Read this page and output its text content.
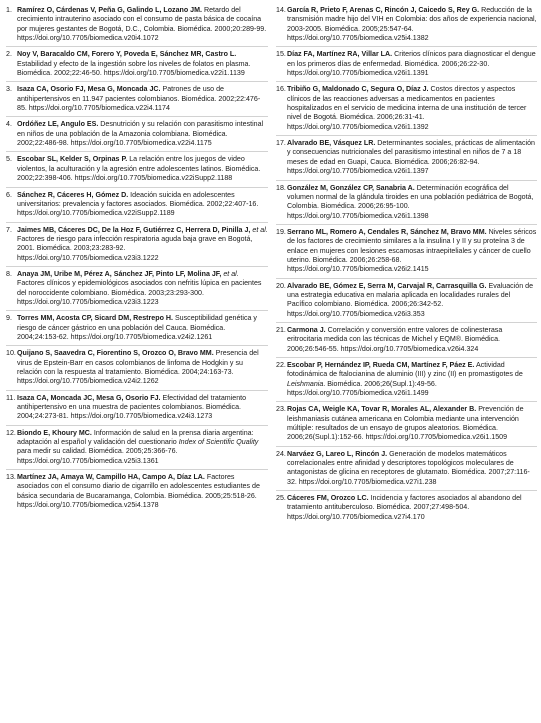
1. Ramírez O, Cárdenas V, Peña G, Galindo L, Lozano JM. Retardo del crecimiento intrauterino asociado con el consumo de pasta básica de cocaína por mujeres gestantes de Bogotá, D.C., Colombia. Biomédica. 2000;20:289-99. https://doi.org/10.7705/biomedica.v20i4.1072
2. Noy V, Baracaldo CM, Forero Y, Poveda E, Sánchez MR, Castro L. Estabilidad y efecto de la ingestión sobre los niveles de folatos en plasma. Biomédica. 2002;22:46-50. https://doi.org/10.7705/biomedica.v22i1.1139
3. Isaza CA, Osorio FJ, Mesa G, Moncada JC. Patrones de uso de antihipertensivos en 11.947 pacientes colombianos. Biomédica. 2002;22:476-85. https://doi.org/10.7705/biomedica.v22i4.1174
4. Ordóñez LE, Angulo ES. Desnutrición y su relación con parasitismo intestinal en niños de una población de la Amazonia colombiana. Biomédica. 2002;22:486-98. https://doi.org/10.7705/biomedica.v22i4.1175
5. Escobar SL, Kelder S, Orpinas P. La relación entre los juegos de video violentos, la aculturación y la agresión entre adolescentes latinos. Biomédica. 2002;22:398-406. https://doi.org/10.7705/biomedica.v22iSupp2.1188
6. Sánchez R, Cáceres H, Gómez D. Ideación suicida en adolescentes universitarios: prevalencia y factores asociados. Biomédica. 2002;22:407-16. https://doi.org/10.7705/biomedica.v22iSupp2.1189
7. Jaimes MB, Cáceres DC, De la Hoz F, Gutiérrez C, Herrera D, Pinilla J, et al. Factores de riesgo para infección respiratoria aguda baja grave en Bogotá, 2001. Biomédica. 2003;23:283-92. https://doi.org/10.7705/biomedica.v23i3.1222
8. Anaya JM, Uribe M, Pérez A, Sánchez JF, Pinto LF, Molina JF, et al. Factores clínicos y epidemiológicos asociados con nefritis lúpica en pacientes del noroccidente colombiano. Biomédica. 2003;23:293-300. https://doi.org/10.7705/biomedica.v23i3.1223
9. Torres MM, Acosta CP, Sicard DM, Restrepo H. Susceptibilidad genética y riesgo de cáncer gástrico en una población del Cauca. Biomédica. 2004;24:153-62. https://doi.org/10.7705/biomedica.v24i2.1261
10. Quijano S, Saavedra C, Fiorentino S, Orozco O, Bravo MM. Presencia del virus de Epstein-Barr en casos colombianos de linfoma de Hodgkin y su relación con la respuesta al tratamiento. Biomédica. 2004;24:163-73. https://doi.org/10.7705/biomedica.v24i2.1262
11. Isaza CA, Moncada JC, Mesa G, Osorio FJ. Efectividad del tratamiento antihipertensivo en una muestra de pacientes colombianos. Biomédica. 2004;24:273-81. https://doi.org/10.7705/biomedica.v24i3.1273
12. Biondo E, Khoury MC. Información de salud en la prensa diaria argentina: adaptación al español y validación del cuestionario Index of Scientific Quality para medir su calidad. Biomédica. 2005;25:366-76. https://doi.org/10.7705/biomedica.v25i3.1361
13. Martínez JA, Amaya W, Campillo HA, Campo A, Díaz LA. Factores asociados con el consumo diario de cigarrillo en adolescentes estudiantes de básica secundaria de Bucaramanga, Colombia. Biomédica. 2005;25:518-26. https://doi.org/10.7705/biomedica.v25i4.1378
14. García R, Prieto F, Arenas C, Rincón J, Caicedo S, Rey G. Reducción de la transmisión madre hijo del VIH en Colombia: dos años de experiencia nacional, 2003-2005. Biomédica. 2005;25:547-64. https://doi.org/10.7705/biomedica.v25i4.1382
15. Díaz FA, Martínez RA, Villar LA. Criterios clínicos para diagnosticar el dengue en los primeros días de enfermedad. Biomédica. 2006;26:22-30. https://doi.org/10.7705/biomedica.v26i1.1391
16. Tribiño G, Maldonado C, Segura O, Díaz J. Costos directos y aspectos clínicos de las reacciones adversas a medicamentos en pacientes hospitalizados en el servicio de medicina interna de una institución de tercer nivel de Bogotá. Biomédica. 2006;26:31-41. https://doi.org/10.7705/biomedica.v26i1.1392
17. Alvarado BE, Vásquez LR. Determinantes sociales, prácticas de alimentación y consecuencias nutricionales del parasitismo intestinal en niños de 7 a 18 meses de edad en Guapi, Cauca. Biomédica. 2006;26:82-94. https://doi.org/10.7705/biomedica.v26i1.1397
18. González M, González CP, Sanabria A. Determinación ecográfica del volumen normal de la glándula tiroides en una población pediátrica de Bogotá, Colombia. Biomédica. 2006;26:95-100. https://doi.org/10.7705/biomedica.v26i1.1398
19. Serrano ML, Romero A, Cendales R, Sánchez M, Bravo MM. Niveles séricos de los factores de crecimiento similares a la insulina I y II y su proteína 3 de enlace en mujeres con lesiones escamosas intraepiteliales y cáncer de cuello uterino. Biomédica. 2006;26:258-68. https://doi.org/10.7705/biomedica.v26i2.1415
20. Alvarado BE, Gómez E, Serra M, Carvajal R, Carrasquilla G. Evaluación de una estrategia educativa en malaria aplicada en localidades rurales del Pacífico colombiano. Biomédica. 2006;26:342-52. https://doi.org/10.7705/biomedica.v26i3.353
21. Carmona J. Correlación y conversión entre valores de colinesterasa eritrocitaria medida con las técnicas de Michel y EQM®. Biomédica. 2006;26:546-55. https://doi.org/10.7705/biomedica.v26i4.324
22. Escobar P, Hernández IP, Rueda CM, Martínez F, Páez E. Actividad fotodinámica de ftalocianina de aluminio (III) y zinc (II) en promastigotes de Leishmania. Biomédica. 2006;26(Supl.1):49-56. https://doi.org/10.7705/biomedica.v26i1.1499
23. Rojas CA, Weigle KA, Tovar R, Morales AL, Alexander B. Prevención de leishmaniasis cutánea americana en Colombia mediante una intervención múltiple: resultados de un ensayo de grupos aleatorios. Biomédica. 2006;26(Supl.1):152-66. https://doi.org/10.7705/biomedica.v26i1.1509
24. Narváez G, Lareo L, Rincón J. Generación de modelos matemáticos correlacionales entre afinidad y descriptores topológicos moleculares de antagonistas de glicina en receptores de glutamato. Biomédica. 2007;27:116-32. https://doi.org/10.7705/biomedica.v27i1.238
25. Cáceres FM, Orozco LC. Incidencia y factores asociados al abandono del tratamiento antituberculoso. Biomédica. 2007;27:498-504. https://doi.org/10.7705/biomedica.v27i4.170
